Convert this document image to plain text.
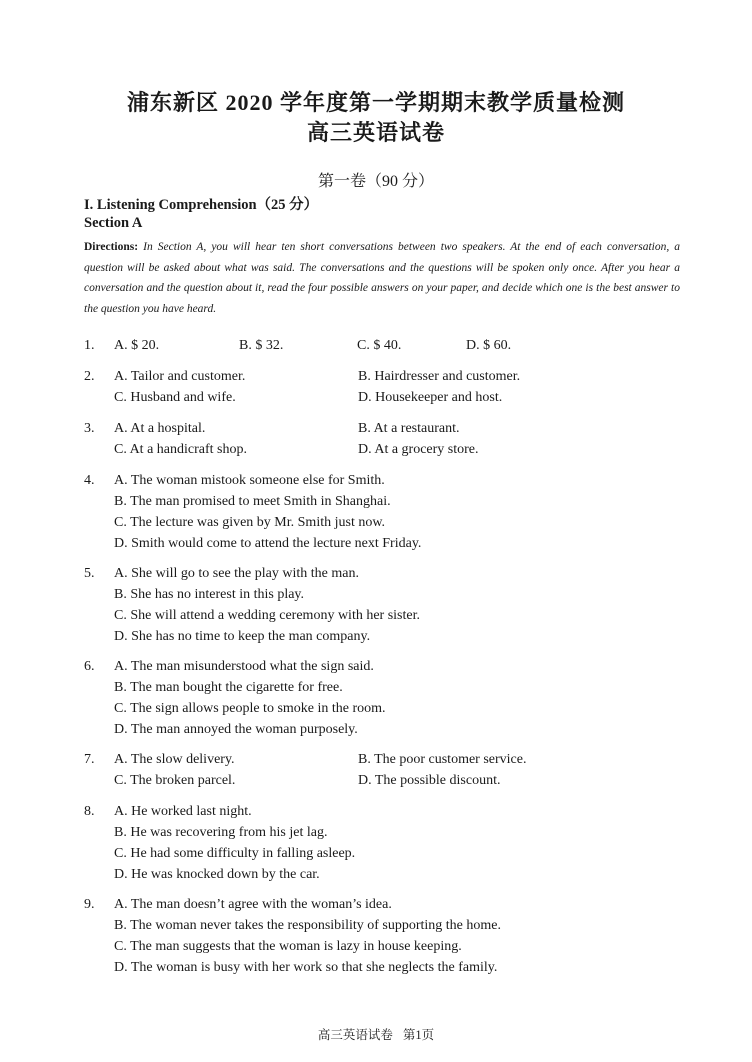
浦东新区 2020 学年度第一学期期末教学质量检测
高三英语试卷
第一卷（90 分）
I. Listening Comprehension（25 分）
Section A
Directions: In Section A, you will hear ten short conversations between two speakers. At the end of each conversation, a question will be asked about what was said. The conversations and the questions will be spoken only once. After you hear a conversation and the question about it, read the four possible answers on your paper, and decide which one is the best answer to the question you have heard.
1. A. $ 20.	B. $ 32.	C. $ 40.	D. $ 60.
2. A. Tailor and customer.	B. Hairdresser and customer.
C. Husband and wife.	D. Housekeeper and host.
3. A. At a hospital.	B. At a restaurant.
C. At a handicraft shop.	D. At a grocery store.
4. A. The woman mistook someone else for Smith.
B. The man promised to meet Smith in Shanghai.
C. The lecture was given by Mr. Smith just now.
D. Smith would come to attend the lecture next Friday.
5. A. She will go to see the play with the man.
B. She has no interest in this play.
C. She will attend a wedding ceremony with her sister.
D. She has no time to keep the man company.
6. A. The man misunderstood what the sign said.
B. The man bought the cigarette for free.
C. The sign allows people to smoke in the room.
D. The man annoyed the woman purposely.
7. A. The slow delivery.	B. The poor customer service.
C. The broken parcel.	D. The possible discount.
8. A. He worked last night.
B. He was recovering from his jet lag.
C. He had some difficulty in falling asleep.
D. He was knocked down by the car.
9. A. The man doesn’t agree with the woman’s idea.
B. The woman never takes the responsibility of supporting the home.
C. The man suggests that the woman is lazy in house keeping.
D. The woman is busy with her work so that she neglects the family.
高三英语试卷 第1页
